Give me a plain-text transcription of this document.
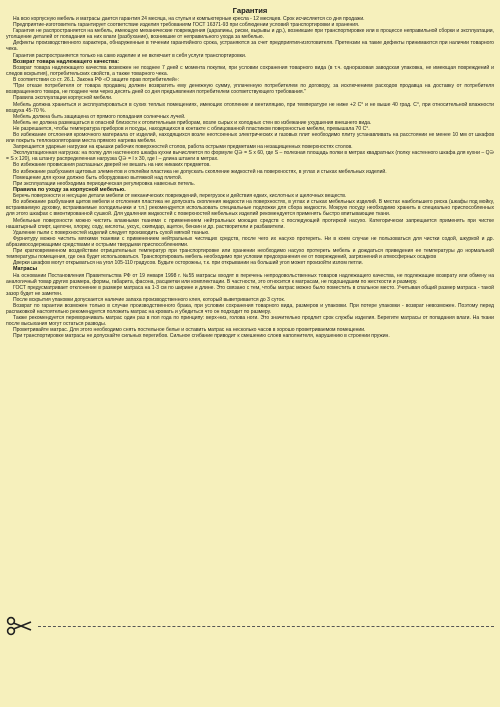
Гарантия
На всю корпусную мебель и матрасы дается гарантия 24 месяца, на стулья и компьютерные кресла - 12 месяцев. Срок исчисляется со дня продажи.
Предприятие-изготовитель гарантирует соответствие изделия требованиям ГОСТ 16371-93 при соблюдении условий транспортировки и хранения.
Гарантия не распространяется на мебель, имеющую механические повреждения (царапины, риски, вырывы и др.), возникшие при транспортировке или в процессе неправильной сборки и эксплуатации, утолщение деталей от попадания на них влаги (разбухание), возникшие от неправильного ухода за мебелью.
Дефекты производственного характера, обнаруженные в течении гарантийного срока, устраняются за счет предприятия-изготовителя. Претензии на такие дефекты принимаются при наличии товарного чека.
Гарантия распространяется только на само изделие и не включает в себя услуги транспортировки.
Возврат товара надлежащего качества:
Возврат товара надлежащего качества возможен не позднее 7 дней с момента покупки, при условии сохранения товарного вида (в т.ч. одноразовая заводская упаковка, не имеющая повреждений и следов вскрытия), потребительских свойств, а также товарного чека.
В соответствии со ст. 26.1. Закона РФ «О защите прав потребителей»:
"При отказе потребителя от товара продавец должен возвратить ему денежную сумму, уплаченную потребителем по договору, за исключением расходов продавца на доставку от потребителя возвращенного товара, не позднее чем через десять дней со дня предъявления потребителем соответствующего требования."
Правила эксплуатации корпусной мебели.
Мебель должна храниться и эксплуатироваться в сухих теплых помещениях, имеющих отопление и вентиляцию, при температуре не ниже +2 С° и не выше 40 град. С°, при относительной влажности воздуха 45-70 %.
Мебель должна быть защищена от прямого попадания солнечных лучей.
Мебель не должна размещаться в опасной близости к отопительным приборам, возле сырых и холодных стен во избежание ухудшения внешнего вида.
Не разрешается, чтобы температура приборов и посуды, находящихся в контакте с облицованной пластиком поверхностью мебели, превышала 70 С°.
Во избежание отслоения кромочного материала от изделий, находящихся возле неотсоенных электрических и газовых плит необходимо плиту устанавливать на расстоянии не менее 10 мм от шкафов или покрыть теплоизоляторами места прямого нагрева мебели.
Запрещается ударные нагрузки на крышки рабочих поверхностей столов, работа острыми предметами на незащищенных поверхностях столов.
Эксплуатационная нагрузка: на полку для настенного шкафа кухни вычисляется по формуле Q∋ = S x 60, где S – полезная площадь полки в метрах квадратных (полку настенного шкафа для кухни – Q∋ = S x 120), на штангу распределенная нагрузка Q∋ = l x 30, где l – длина штанги в метрах.
Во избежание провисания распашных дверей не вешать на них никаких предметов.
Во избежание разбухания щитовых элементов и отклейки пластика не допускать скопление жидкостей на поверхностях, в углах и стыках мебельных изделий.
Помещение для кухни должно быть оборудовано вытяжкой над плитой.
При эксплуатации необходима периодическая регулировка навесных петель.
Правила по уходу за корпусной мебелью.
Беречь поверхности и несущие детали мебели от механических повреждений, перегрузок и действия едких, кислотных и щелочных веществ.
Во избежание разбухания щитов мебели и отслоения пластика не допускать скопления жидкости на поверхностях, в углах и стыках мебельных изделий. В местах наибольшего риска (шкафы под мойку, встраиваемую духовку, встраиваемые холодильники и т.п.) рекомендуется использовать специальные подложки для сбора жидкости. Мокрую посуду необходимо хранить в специально приспособленных для этого шкафах с вмонтированной сушкой. Для удаления жидкостей с поверхностей мебельных изделий рекомендуется применять быстро впитывающие ткани.
Мебельные поверхности можно чистить влажными тканями с применением нейтральных моющих средств с последующей протиркой насухо. Категорически запрещается применять при чистке нашатырный спирт, щелочи, хлорку, соду, кислоты, уксус, скипидар, ацетон, бензин и др. растворители и разбавители.
Удаление пыли с поверхностей изделий следует производить сухой мягкой тканью.
Фурнитуру можно чистить мягкими тканями с применением нейтральных чистящих средств, после чего их насухо протереть. Ни в коем случае не пользоваться для чистки содой, шкуркой и др. абразивосодержащими средствами и острыми твердыми приспособлениями.
При кратковременном воздействии отрицательных температур при транспортировке или хранении необходимо насухо протереть мебель и дождаться приведения ее температуры до нормальной температуры помещения, где она будет использоваться. Транспортировать мебель необходимо при условии предохранения ее от повреждений, загрязнений и атмосферных осадков
Дверки шкафов могут открываться на угол 105-110 градусов. Будьте осторожны, т.к. при открывании на больший угол может произойти излом петли.
Матрасы
На основании Постановления Правительства РФ от 19 января 1998 г. №55 матрасы входят в перечень непродовольственных товаров надлежащего качества, не подлежащие возврату или обмену на аналогичный товар других размера, формы, габарита, фасона, расцветки или комплектации. В частности, это относится к матрасам, не подошедшим по жесткости и размеру.
ГОСТ предусматривает отклонение в размере матраса на 1-3 см по ширине и длине. Это связано с тем, чтобы матрас можно было поместить в спальное место. Учитывая общий размер матраса - такой зазор будет не заметен.
После вскрытия упаковки допускается наличие запаха производственного клея, который выветривается до 3 суток.
Возврат по гарантии возможен только в случае производственного брака, при условии сохранения товарного вида, размеров и упаковки. При потере упаковки - возврат невозможен. Поэтому перед распаковкой настоятельно рекомендуется положить матрас на кровать и убедиться что он подходит по размеру.
Также рекомендуется переворачивать матрас один раз в пол года по принципу: верх-низ, голова ноги. Это значительно продлит срок службы изделия. Берегите матрасы от попадания влаги. На ткани после высыхания могут остаться разводы.
Проветривайте матрас. Для этого необходимо снять постельное белье и оставить матрас на несколько часов в хорошо проветриваемом помещении.
При транспортировке матрасы не допускайте сильных перегибов. Сильное сгибание приводит к смешению слоев наполнителя, нарушению в строении пружин.
